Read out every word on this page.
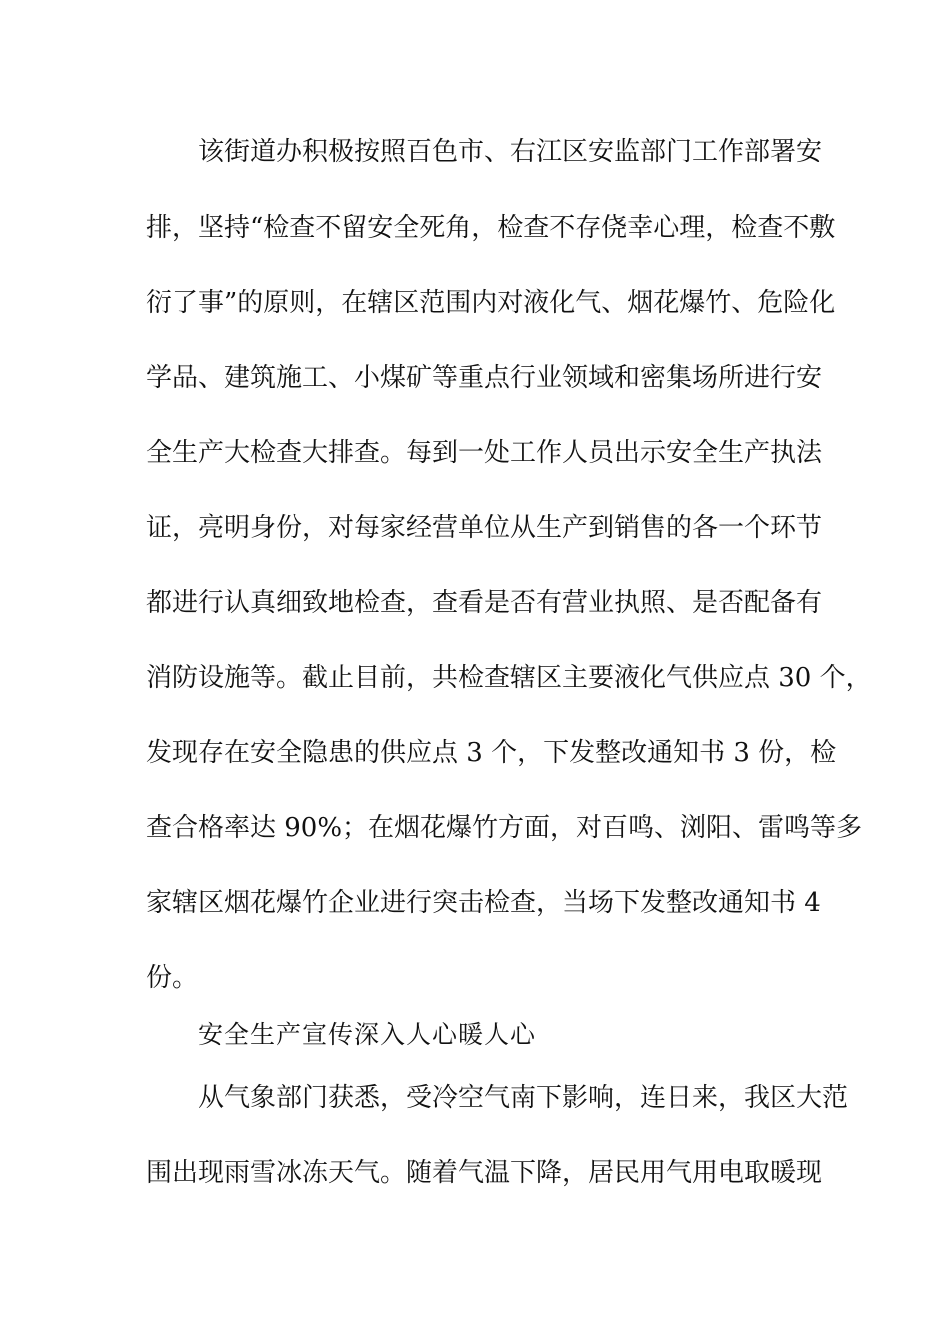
该街道办积极按照百色市、右江区安监部门工作部署安
排，坚持“检查不留安全死角，检查不存侥幸心理，检查不敷
衍了事”的原则，在辖区范围内对液化气、烟花爆竹、危险化
学品、建筑施工、小煤矿等重点行业领域和密集场所进行安
全生产大检查大排查。每到一处工作人员出示安全生产执法
证，亮明身份，对每家经营单位从生产到销售的各一个环节
都进行认真细致地检查，查看是否有营业执照、是否配备有
消防设施等。截止目前，共检查辖区主要液化气供应点 30 个，
发现存在安全隐患的供应点 3 个，下发整改通知书 3 份，检
查合格率达 90%；在烟花爆竹方面，对百鸣、浏阳、雷鸣等多
家辖区烟花爆竹企业进行突击检查，当场下发整改通知书 4
份。
安全生产宣传深入人心暖人心
从气象部门获悉，受冷空气南下影响，连日来，我区大范
围出现雨雪冰冻天气。随着气温下降，居民用气用电取暖现
